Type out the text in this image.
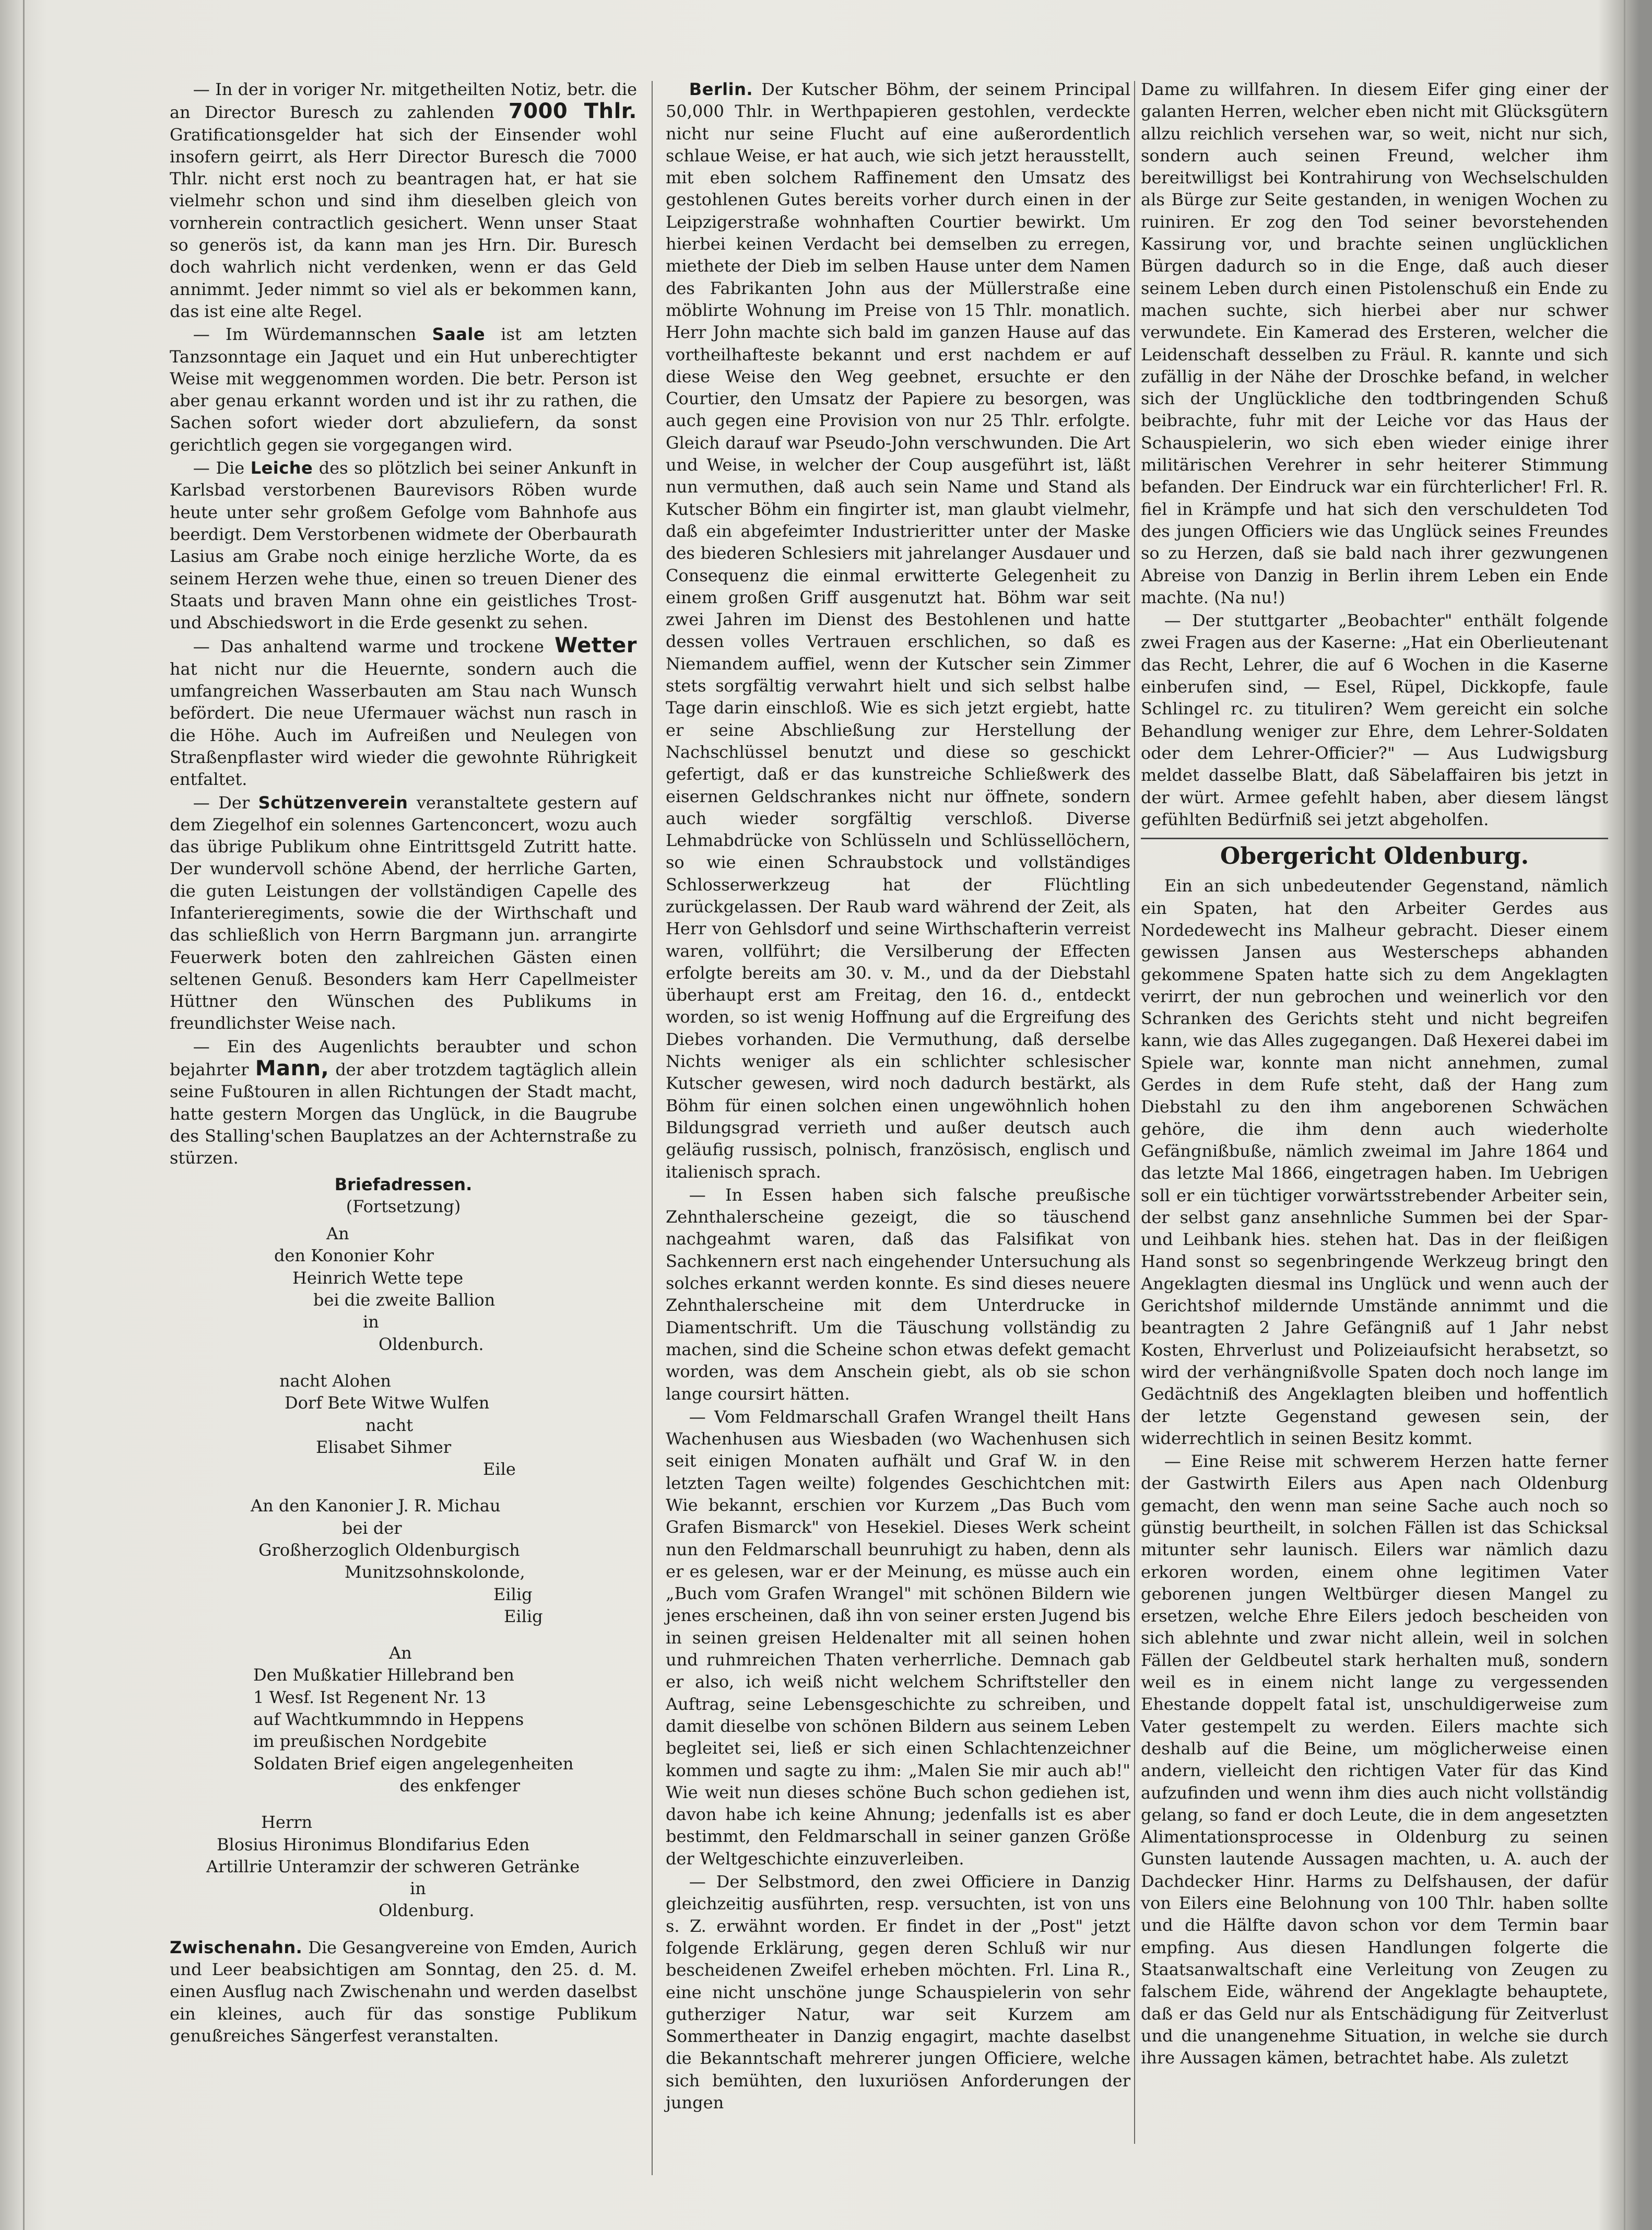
— In der in voriger Nr. mitgetheilten Notiz, betr. die an Director Buresch zu zahlenden 7000 Thlr. Gratificationsgelder hat sich der Einsender wohl insofern geirrt, als Herr Director Buresch die 7000 Thlr. nicht erst noch zu beantragen hat, er hat sie vielmehr schon und sind ihm dieselben gleich von vornherein contractlich gesichert. Wenn unser Staat so generös ist, da kann man jes Hrn. Dir. Buresch doch wahrlich nicht verdenken, wenn er das Geld annimmt. Jeder nimmt so viel als er bekommen kann, das ist eine alte Regel.

— Im Würdemannschen Saale ist am letzten Tanzsonntage ein Jaquet und ein Hut unberechtigter Weise mit weggenommen worden. Die betr. Person ist aber genau erkannt worden und ist ihr zu rathen, die Sachen sofort wieder dort abzuliefern, da sonst gerichtlich gegen sie vorgegangen wird.

— Die Leiche des so plötzlich bei seiner Ankunft in Karlsbad verstorbenen Baurevisors Röben wurde heute unter sehr großem Gefolge vom Bahnhofe aus beerdigt. Dem Verstorbenen widmete der Oberbaurath Lasius am Grabe noch einige herzliche Worte, da es seinem Herzen wehe thue, einen so treuen Diener des Staats und braven Mann ohne ein geistliches Trost- und Abschiedswort in die Erde gesenkt zu sehen.

— Das anhaltend warme und trockene Wetter hat nicht nur die Heuernte, sondern auch die umfangreichen Wasserbauten am Stau nach Wunsch befördert. Die neue Ufermauer wächst nun rasch in die Höhe. Auch im Aufreißen und Neulegen von Straßenpflaster wird wieder die gewohnte Rührigkeit entfaltet.

— Der Schützenverein veranstaltete gestern auf dem Ziegelhof ein solennes Gartenconcert, wozu auch das übrige Publikum ohne Eintrittsgeld Zutritt hatte. Der wundervoll schöne Abend, der herrliche Garten, die guten Leistungen der vollständigen Capelle des Infanterieregiments, sowie die der Wirthschaft und das schließlich von Herrn Bargmann jun. arrangirte Feuerwerk boten den zahlreichen Gästen einen seltenen Genuß. Besonders kam Herr Capellmeister Hüttner den Wünschen des Publikums in freundlichster Weise nach.

— Ein des Augenlichts beraubter und schon bejahrter Mann, der aber trotzdem tagtäglich allein seine Fußtouren in allen Richtungen der Stadt macht, hatte gestern Morgen das Unglück, in die Baugrube des Stalling'schen Bauplatzes an der Achternstraße zu stürzen.

Briefadressen.
(Fortsetzung)
An
den Kononier Kohr
Heinrich Wette tepe
bei die zweite Ballion
in
Oldenburch.
nacht Alohen
Dorf Bete Witwe Wulfen
nacht
Elisabet Sihmer
Eile
An den Kanonier J. R. Michau
bei der
Großherzoglich Oldenburgisch
Munitzsohnskolonde,
Eilig
Eilig
An
Den Mußkatier Hillebrand ben
1 Wesf. Ist Regenent Nr. 13
auf Wachtkummndo in Heppens
im preußischen Nordgebite
Soldaten Brief eigen angelegenheiten
des enkfenger
Herrn
Blosius Hironimus Blondifarius Eden
Artillrie Unteramzir der schweren Getränke
in
Oldenburg.

Zwischenahn. Die Gesangvereine von Emden, Aurich und Leer beabsichtigen am Sonntag, den 25. d. M. einen Ausflug nach Zwischenahn und werden daselbst ein kleines, auch für das sonstige Publikum genußreiches Sängerfest veranstalten.

Berlin. Der Kutscher Böhm, der seinem Principal 50,000 Thlr. in Werthpapieren gestohlen, verdeckte nicht nur seine Flucht auf eine außerordentlich schlaue Weise, er hat auch, wie sich jetzt herausstellt, mit eben solchem Raffinement den Umsatz des gestohlenen Gutes bereits vorher durch einen in der Leipzigerstraße wohnhaften Courtier bewirkt. Um hierbei keinen Verdacht bei demselben zu erregen, miethete der Dieb im selben Hause unter dem Namen des Fabrikanten John aus der Müllerstraße eine möblirte Wohnung im Preise von 15 Thlr. monatlich. Herr John machte sich bald im ganzen Hause auf das vortheilhafteste bekannt und erst nachdem er auf diese Weise den Weg geebnet, ersuchte er den Courtier, den Umsatz der Papiere zu besorgen, was auch gegen eine Provision von nur 25 Thlr. erfolgte. Gleich darauf war Pseudo-John verschwunden. Die Art und Weise, in welcher der Coup ausgeführt ist, läßt nun vermuthen, daß auch sein Name und Stand als Kutscher Böhm ein fingirter ist, man glaubt vielmehr, daß ein abgefeimter Industrieritter unter der Maske des biederen Schlesiers mit jahrelanger Ausdauer und Consequenz die einmal erwitterte Gelegenheit zu einem großen Griff ausgenutzt hat. Böhm war seit zwei Jahren im Dienst des Bestohlenen und hatte dessen volles Vertrauen erschlichen, so daß es Niemandem auffiel, wenn der Kutscher sein Zimmer stets sorgfältig verwahrt hielt und sich selbst halbe Tage darin einschloß. Wie es sich jetzt ergiebt, hatte er seine Abschließung zur Herstellung der Nachschlüssel benutzt und diese so geschickt gefertigt, daß er das kunstreiche Schließwerk des eisernen Geldschrankes nicht nur öffnete, sondern auch wieder sorgfältig verschloß. Diverse Lehmabdrücke von Schlüsseln und Schlüssellöchern, so wie einen Schraubstock und vollständiges Schlosserwerkzeug hat der Flüchtling zurückgelassen. Der Raub ward während der Zeit, als Herr von Gehlsdorf und seine Wirthschafterin verreist waren, vollführt; die Versilberung der Effecten erfolgte bereits am 30. v. M., und da der Diebstahl überhaupt erst am Freitag, den 16. d., entdeckt worden, so ist wenig Hoffnung auf die Ergreifung des Diebes vorhanden. Die Vermuthung, daß derselbe Nichts weniger als ein schlichter schlesischer Kutscher gewesen, wird noch dadurch bestärkt, als Böhm für einen solchen einen ungewöhnlich hohen Bildungsgrad verrieth und außer deutsch auch geläufig russisch, polnisch, französisch, englisch und italienisch sprach.

— In Essen haben sich falsche preußische Zehnthalerscheine gezeigt, die so täuschend nachgeahmt waren, daß das Falsifikat von Sachkennern erst nach eingehender Untersuchung als solches erkannt werden konnte. Es sind dieses neuere Zehnthalerscheine mit dem Unterdrucke in Diamentschrift. Um die Täuschung vollständig zu machen, sind die Scheine schon etwas defekt gemacht worden, was dem Anschein giebt, als ob sie schon lange coursirt hätten.

— Vom Feldmarschall Grafen Wrangel theilt Hans Wachenhusen aus Wiesbaden (wo Wachenhusen sich seit einigen Monaten aufhält und Graf W. in den letzten Tagen weilte) folgendes Geschichtchen mit: Wie bekannt, erschien vor Kurzem „Das Buch vom Grafen Bismarck" von Hesekiel. Dieses Werk scheint nun den Feldmarschall beunruhigt zu haben, denn als er es gelesen, war er der Meinung, es müsse auch ein „Buch vom Grafen Wrangel" mit schönen Bildern wie jenes erscheinen, daß ihn von seiner ersten Jugend bis in seinen greisen Heldenalter mit all seinen hohen und ruhmreichen Thaten verherrliche. Demnach gab er also, ich weiß nicht welchem Schriftsteller den Auftrag, seine Lebensgeschichte zu schreiben, und damit dieselbe von schönen Bildern aus seinem Leben begleitet sei, ließ er sich einen Schlachtenzeichner kommen und sagte zu ihm: „Malen Sie mir auch ab!" Wie weit nun dieses schöne Buch schon gediehen ist, davon habe ich keine Ahnung; jedenfalls ist es aber bestimmt, den Feldmarschall in seiner ganzen Größe der Weltgeschichte einzuverleiben.

— Der Selbstmord, den zwei Officiere in Danzig gleichzeitig ausführten, resp. versuchten, ist von uns s. Z. erwähnt worden. Er findet in der „Post" jetzt folgende Erklärung, gegen deren Schluß wir nur bescheidenen Zweifel erheben möchten. Frl. Lina R., eine nicht unschöne junge Schauspielerin von sehr gutherziger Natur, war seit Kurzem am Sommertheater in Danzig engagirt, machte daselbst die Bekanntschaft mehrerer jungen Officiere, welche sich bemühten, den luxuriösen Anforderungen der jungen

Dame zu willfahren. In diesem Eifer ging einer der galanten Herren, welcher eben nicht mit Glücksgütern allzu reichlich versehen war, so weit, nicht nur sich, sondern auch seinen Freund, welcher ihm bereitwilligst bei Kontrahirung von Wechselschulden als Bürge zur Seite gestanden, in wenigen Wochen zu ruiniren. Er zog den Tod seiner bevorstehenden Kassirung vor, und brachte seinen unglücklichen Bürgen dadurch so in die Enge, daß auch dieser seinem Leben durch einen Pistolenschuß ein Ende zu machen suchte, sich hierbei aber nur schwer verwundete. Ein Kamerad des Ersteren, welcher die Leidenschaft desselben zu Fräul. R. kannte und sich zufällig in der Nähe der Droschke befand, in welcher sich der Unglückliche den todtbringenden Schuß beibrachte, fuhr mit der Leiche vor das Haus der Schauspielerin, wo sich eben wieder einige ihrer militärischen Verehrer in sehr heiterer Stimmung befanden. Der Eindruck war ein fürchterlicher! Frl. R. fiel in Krämpfe und hat sich den verschuldeten Tod des jungen Officiers wie das Unglück seines Freundes so zu Herzen, daß sie bald nach ihrer gezwungenen Abreise von Danzig in Berlin ihrem Leben ein Ende machte. (Na nu!)

— Der stuttgarter „Beobachter" enthält folgende zwei Fragen aus der Kaserne: „Hat ein Oberlieutenant das Recht, Lehrer, die auf 6 Wochen in die Kaserne einberufen sind, — Esel, Rüpel, Dickkopfe, faule Schlingel rc. zu tituliren? Wem gereicht ein solche Behandlung weniger zur Ehre, dem Lehrer-Soldaten oder dem Lehrer-Officier?" — Aus Ludwigsburg meldet dasselbe Blatt, daß Säbelaffairen bis jetzt in der würt. Armee gefehlt haben, aber diesem längst gefühlten Bedürfniß sei jetzt abgeholfen.

Obergericht Oldenburg.

Ein an sich unbedeutender Gegenstand, nämlich ein Spaten, hat den Arbeiter Gerdes aus Nordedewecht ins Malheur gebracht. Dieser einem gewissen Jansen aus Westerscheps abhanden gekommene Spaten hatte sich zu dem Angeklagten verirrt, der nun gebrochen und weinerlich vor den Schranken des Gerichts steht und nicht begreifen kann, wie das Alles zugegangen. Daß Hexerei dabei im Spiele war, konnte man nicht annehmen, zumal Gerdes in dem Rufe steht, daß der Hang zum Diebstahl zu den ihm angeborenen Schwächen gehöre, die ihm denn auch wiederholte Gefängnißbuße, nämlich zweimal im Jahre 1864 und das letzte Mal 1866, eingetragen haben. Im Uebrigen soll er ein tüchtiger vorwärtsstrebender Arbeiter sein, der selbst ganz ansehnliche Summen bei der Spar- und Leihbank hies. stehen hat. Das in der fleißigen Hand sonst so segenbringende Werkzeug bringt den Angeklagten diesmal ins Unglück und wenn auch der Gerichtshof mildernde Umstände annimmt und die beantragten 2 Jahre Gefängniß auf 1 Jahr nebst Kosten, Ehrverlust und Polizeiaufsicht herabsetzt, so wird der verhängnißvolle Spaten doch noch lange im Gedächtniß des Angeklagten bleiben und hoffentlich der letzte Gegenstand gewesen sein, der widerrechtlich in seinen Besitz kommt.

— Eine Reise mit schwerem Herzen hatte ferner der Gastwirth Eilers aus Apen nach Oldenburg gemacht, den wenn man seine Sache auch noch so günstig beurtheilt, in solchen Fällen ist das Schicksal mitunter sehr launisch. Eilers war nämlich dazu erkoren worden, einem ohne legitimen Vater geborenen jungen Weltbürger diesen Mangel zu ersetzen, welche Ehre Eilers jedoch bescheiden von sich ablehnte und zwar nicht allein, weil in solchen Fällen der Geldbeutel stark herhalten muß, sondern weil es in einem nicht lange zu vergessenden Ehestande doppelt fatal ist, unschuldigerweise zum Vater gestempelt zu werden. Eilers machte sich deshalb auf die Beine, um möglicherweise einen andern, vielleicht den richtigen Vater für das Kind aufzufinden und wenn ihm dies auch nicht vollständig gelang, so fand er doch Leute, die in dem angesetzten Alimentationsprocesse in Oldenburg zu seinen Gunsten lautende Aussagen machten, u. A. auch der Dachdecker Hinr. Harms zu Delfshausen, der dafür von Eilers eine Belohnung von 100 Thlr. haben sollte und die Hälfte davon schon vor dem Termin baar empfing. Aus diesen Handlungen folgerte die Staatsanwaltschaft eine Verleitung von Zeugen zu falschem Eide, während der Angeklagte behauptete, daß er das Geld nur als Entschädigung für Zeitverlust und die unangenehme Situation, in welche sie durch ihre Aussagen kämen, betrachtet habe. Als zuletzt
